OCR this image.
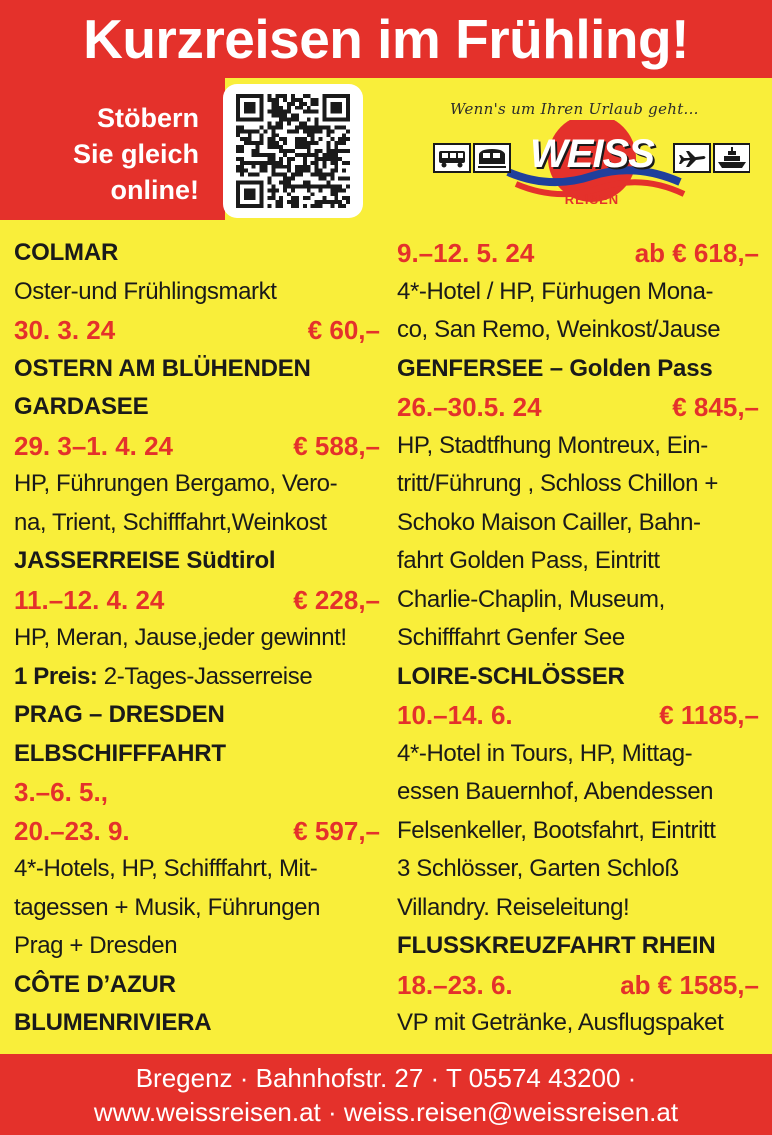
Kurzreisen im Frühling!
Stöbern
Sie gleich
online!
Wenn's um Ihren Urlaub geht...
WEISS
REISEN
COLMAR
Oster-und Frühlingsmarkt
30. 3. 24	€ 60,–
OSTERN AM BLÜHENDEN
GARDASEE
29. 3–1. 4. 24	€ 588,–
HP, Führungen Bergamo, Vero-
na, Trient, Schifffahrt,Weinkost
JASSERREISE Südtirol
11.–12. 4. 24	€ 228,–
HP, Meran, Jause,jeder gewinnt!
1 Preis: 2-Tages-Jasserreise
PRAG – DRESDEN
ELBSCHIFFFAHRT
3.–6. 5.,
20.–23. 9.	€ 597,–
4*-Hotels, HP, Schifffahrt, Mit-
tagessen + Musik, Führungen
Prag + Dresden
CÔTE D’AZUR
BLUMENRIVIERA
9.–12. 5. 24	ab € 618,–
4*-Hotel / HP, Fürhugen Mona-
co, San Remo, Weinkost/Jause
GENFERSEE – Golden Pass
26.–30.5. 24	€ 845,–
HP, Stadtfhung Montreux, Ein-
tritt/Führung , Schloss Chillon +
Schoko Maison Cailler, Bahn-
fahrt Golden Pass, Eintritt
Charlie-Chaplin, Museum,
Schifffahrt Genfer See
LOIRE-SCHLÖSSER
10.–14. 6.	€ 1185,–
4*-Hotel in Tours, HP, Mittag-
essen Bauernhof, Abendessen
Felsenkeller, Bootsfahrt, Eintritt
3 Schlösser, Garten Schloß
Villandry. Reiseleitung!
FLUSSKREUZFAHRT RHEIN
18.–23. 6.	ab € 1585,–
VP mit Getränke, Ausflugspaket
Bregenz · Bahnhofstr. 27 · T 05574 43200 ·
www.weissreisen.at · weiss.reisen@weissreisen.at
